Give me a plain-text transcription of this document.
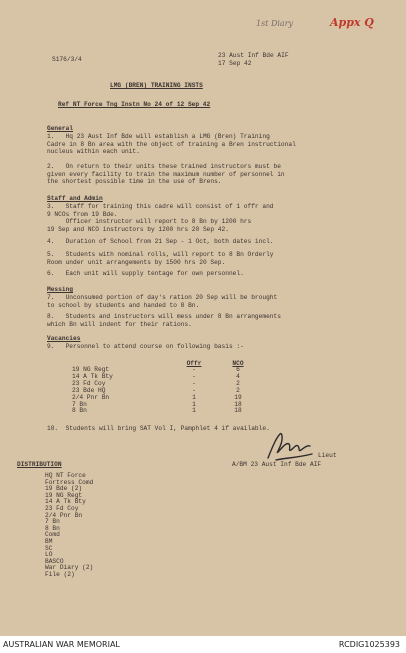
1st Diary	Appx Q
S176/3/4
23 Aust Inf Bde AIF
17 Sep 42
LMG (BREN) TRAINING INSTS
Ref NT Force Tng Instn No 24 of 12 Sep 42
General
1.   Hq 23 Aust Inf Bde will establish a LMG (Bren) Training
Cadre in 8 Bn area with the object of training a Bren instructional
nucleus within each unit.
2.   On return to their units these trained instructors must be
given every facility to train the maximum number of personnel in
the shortest possible time in the use of Brens.
Staff and Admin
3.   Staff for training this cadre will consist of 1 offr and
9 NCOs from 19 Bde.
Officer instructor will report to 8 Bn by 1200 hrs
19 Sep and NCO instructors by 1200 hrs 20 Sep 42.
4.   Duration of School from 21 Sep - 1 Oct, both dates incl.
5.   Students with nominal rolls, will report to 8 Bn Orderly
Room under unit arrangements by 1500 hrs 20 Sep.
6.   Each unit will supply tentage for own personnel.
Messing
7.   Unconsumed portion of day's ration 20 Sep will be brought
to school by students and handed to 8 Bn.
8.   Students and instructors will mess under 8 Bn arrangements
which Bn will indent for their rations.
Vacancies
9.   Personnel to attend course on following basis :-
	Offr	NCO
19 NG Regt	-	6
14 A Tk Bty	-	4
23 Fd Coy	-	2
23 Bde HQ	-	2
2/4 Pnr Bn	1	19
7 Bn	1	18
8 Bn	1	18
10.  Students will bring SAT Vol I, Pamphlet 4 if available.
Lieut
A/BM 23 Aust Inf Bde AIF
DISTRIBUTION
HQ NT Force
Fortress Comd
19 Bde (2)
19 NG Regt
14 A Tk Bty
23 Fd Coy
2/4 Pnr Bn
7 Bn
8 Bn
Comd
BM
SC
LO
BASCO
War Diary (2)
File (2)
AUSTRALIAN WAR MEMORIAL	RCDIG1025393
